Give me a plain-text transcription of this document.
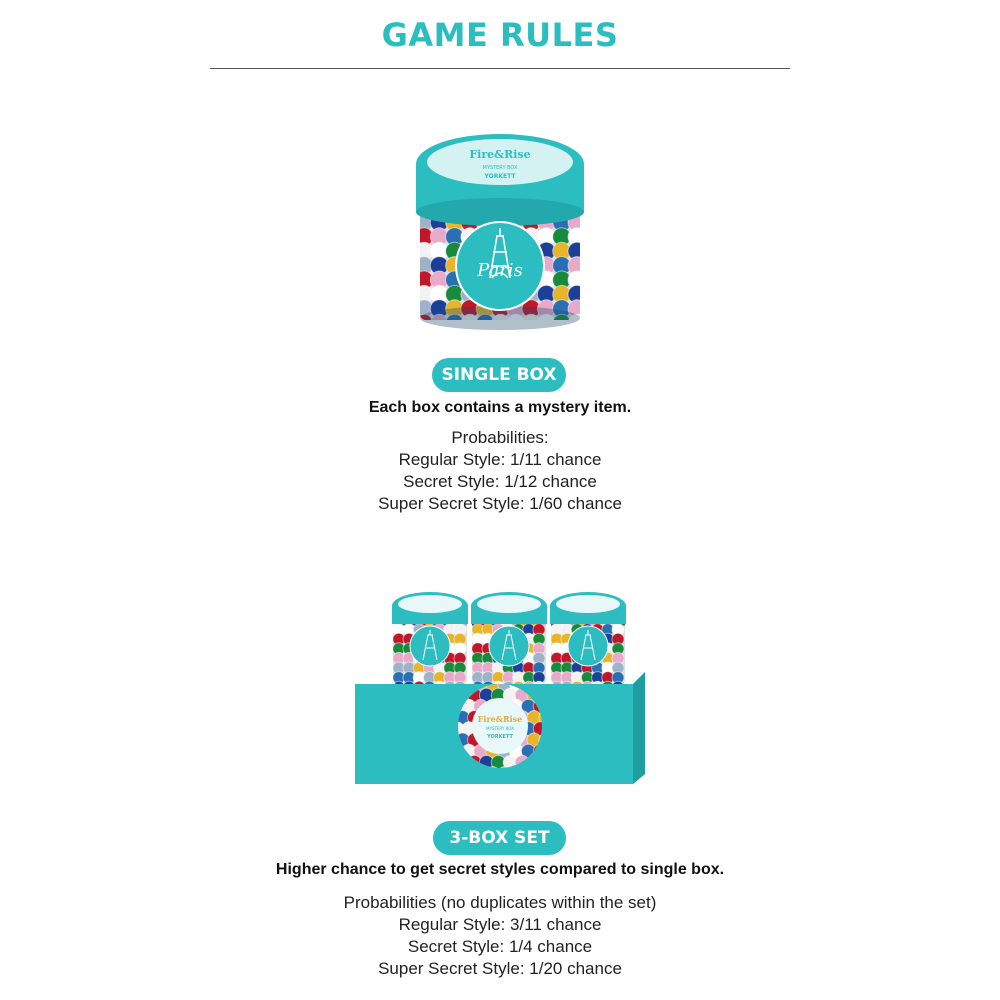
GAME RULES
Fire&Rise
MYSTERY BOX
YORKETT
Paris
SINGLE BOX
Each box contains a mystery item.
Probabilities:
Regular Style: 1/11 chance
Secret Style: 1/12 chance
Super Secret Style: 1/60 chance
Fire&Rise
MYSTERY BOX
YORKETT
3-BOX SET
Higher chance to get secret styles compared to single box.
Probabilities (no duplicates within the set)
Regular Style: 3/11 chance
Secret Style: 1/4 chance
Super Secret Style: 1/20 chance
